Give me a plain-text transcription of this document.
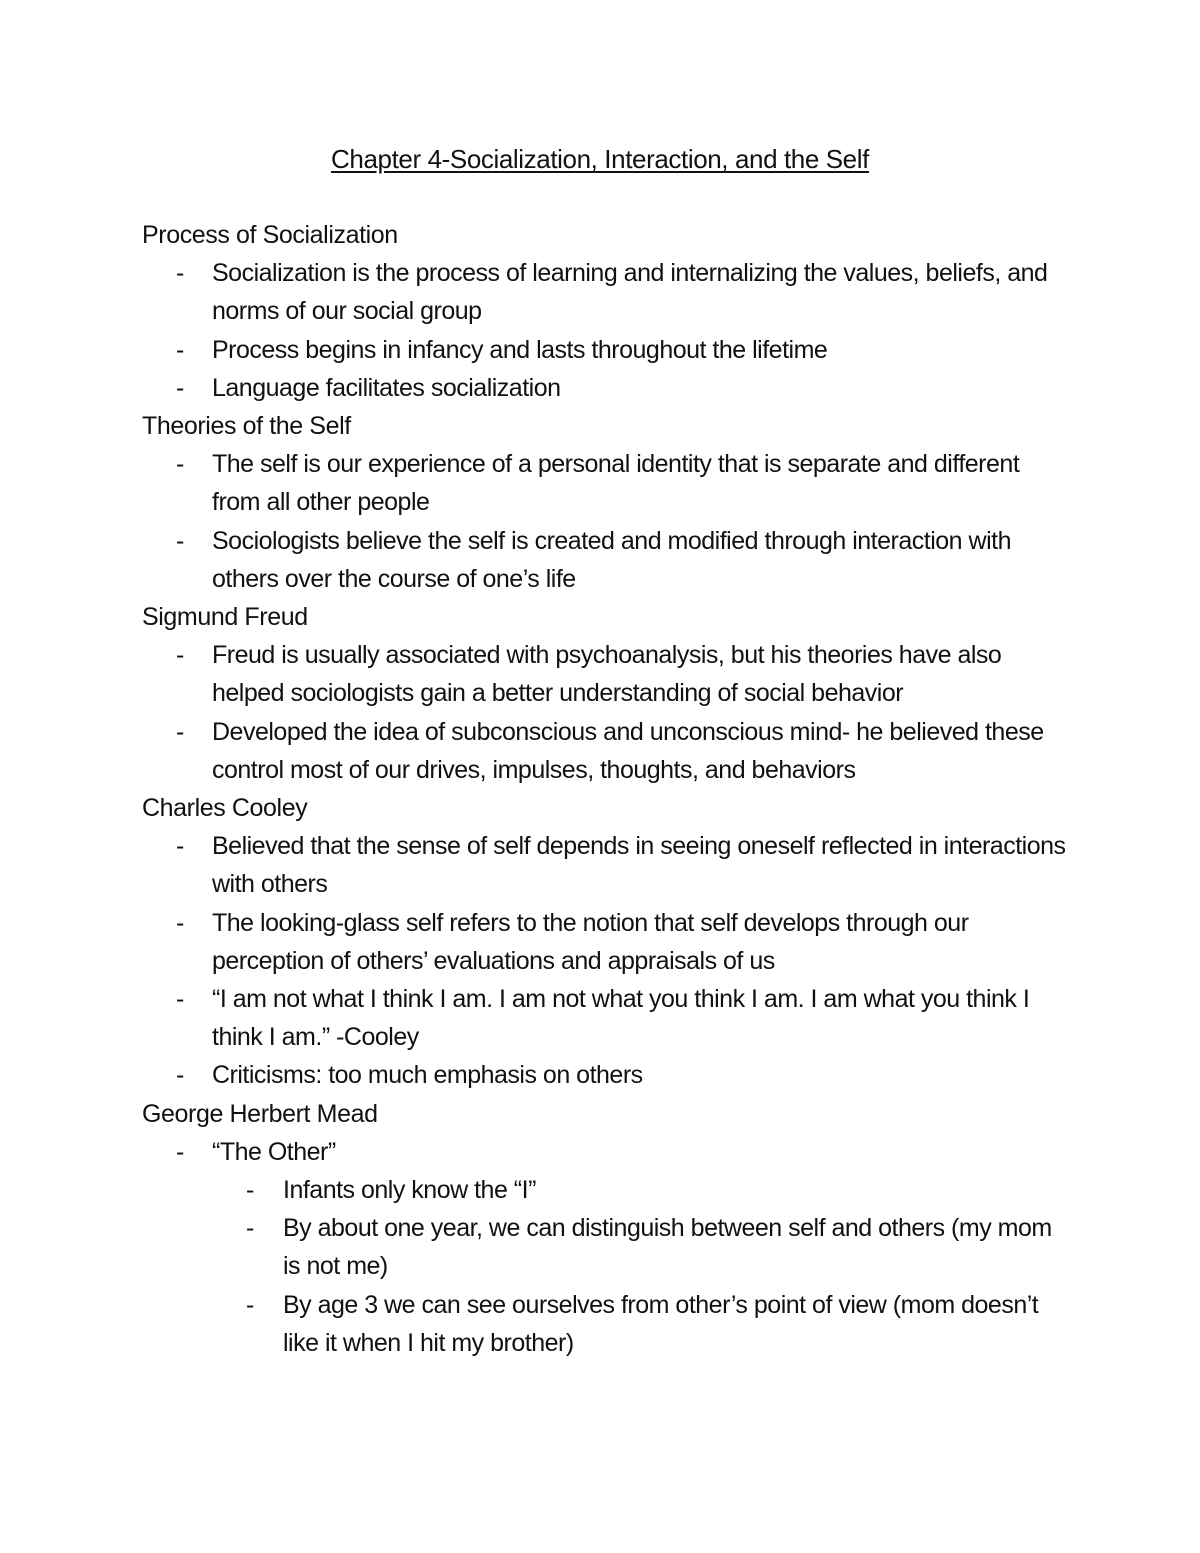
Chapter 4-Socialization, Interaction, and the Self
Process of Socialization
- Socialization is the process of learning and internalizing the values, beliefs, and norms of our social group
- Process begins in infancy and lasts throughout the lifetime
- Language facilitates socialization
Theories of the Self
- The self is our experience of a personal identity that is separate and different from all other people
- Sociologists believe the self is created and modified through interaction with others over the course of one’s life
Sigmund Freud
- Freud is usually associated with psychoanalysis, but his theories have also helped sociologists gain a better understanding of social behavior
- Developed the idea of subconscious and unconscious mind- he believed these control most of our drives, impulses, thoughts, and behaviors
Charles Cooley
- Believed that the sense of self depends in seeing oneself reflected in interactions with others
- The looking-glass self refers to the notion that self develops through our perception of others’ evaluations and appraisals of us
- “I am not what I think I am. I am not what you think I am. I am what you think I think I am.” -Cooley
- Criticisms: too much emphasis on others
George Herbert Mead
- “The Other”
- Infants only know the “I”
- By about one year, we can distinguish between self and others (my mom is not me)
- By age 3 we can see ourselves from other’s point of view (mom doesn’t like it when I hit my brother)
